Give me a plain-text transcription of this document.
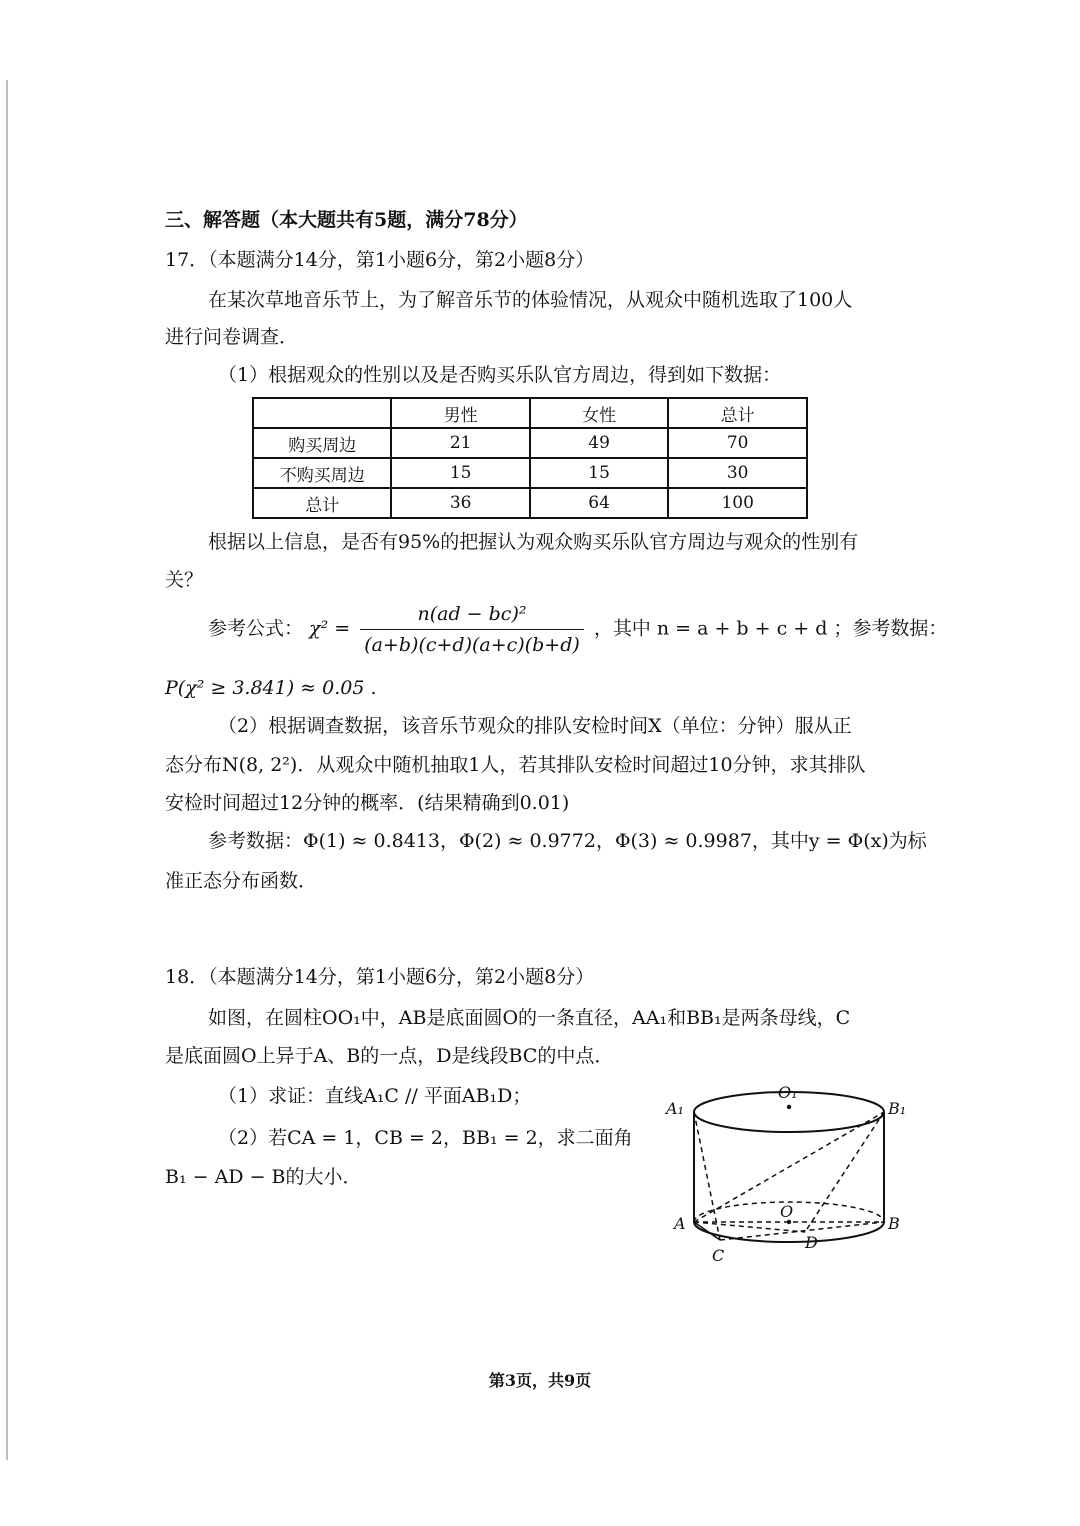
三、解答题（本大题共有5题，满分78分）
17．（本题满分14分，第1小题6分，第2小题8分）
在某次草地音乐节上，为了解音乐节的体验情况，从观众中随机选取了100人
进行问卷调查．
（1）根据观众的性别以及是否购买乐队官方周边，得到如下数据：
	男性	女性	总计
购买周边	21	49	70
不购买周边	15	15	30
总计	36	64	100
根据以上信息，是否有95%的把握认为观众购买乐队官方周边与观众的性别有
关？
参考公式： $\chi^2 = \frac{\text{n(ad − bc)²}}{(a+b)(c+d)(a+c)(b+d)}$ ，其中 n = a + b + c + d ；参考数据：
P(χ² ≥ 3.841) ≈ 0.05 .
（2）根据调查数据，该音乐节观众的排队安检时间X（单位：分钟）服从正
态分布N(8, 2²)．从观众中随机抽取1人，若其排队安检时间超过10分钟，求其排队
安检时间超过12分钟的概率．(结果精确到0.01)
参考数据：Φ(1) ≈ 0.8413，Φ(2) ≈ 0.9772，Φ(3) ≈ 0.9987，其中y = Φ(x)为标
准正态分布函数．
18．（本题满分14分，第1小题6分，第2小题8分）
如图，在圆柱OO₁中，AB是底面圆O的一条直径，AA₁和BB₁是两条母线，C
是底面圆O上异于A、B的一点，D是线段BC的中点．
（1）求证：直线A₁C // 平面AB₁D；
（2）若CA = 1，CB = 2，BB₁ = 2，求二面角
B₁ − AD − B的大小．
A₁
O₁
B₁
A
O
B
C
D
第3页，共9页
